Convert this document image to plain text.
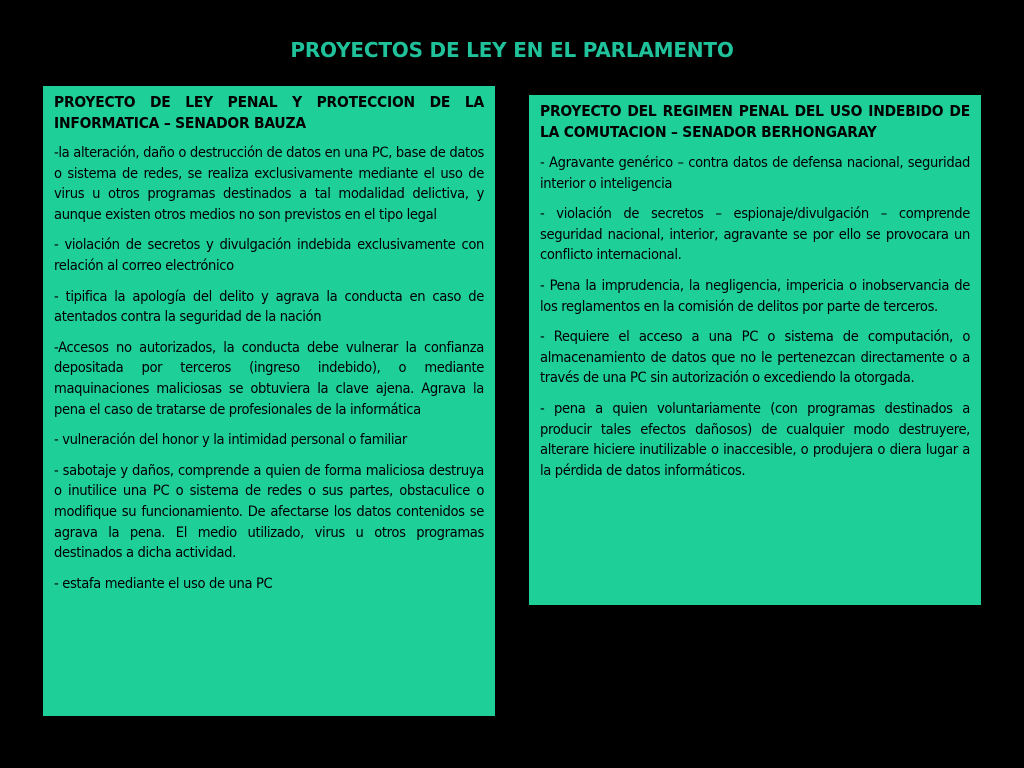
PROYECTOS DE LEY EN EL PARLAMENTO
PROYECTO DE LEY PENAL Y PROTECCION DE LA INFORMATICA – SENADOR BAUZA
-la alteración, daño o destrucción de datos en una PC, base de datos o sistema de redes, se realiza exclusivamente mediante el uso de virus u otros programas destinados a tal modalidad delictiva, y aunque existen otros medios no son previstos en el tipo legal
- violación de secretos y divulgación indebida exclusivamente con relación al correo electrónico
- tipifica la apología del delito y agrava la conducta en caso de atentados contra la seguridad de la nación
-Accesos no autorizados, la conducta debe vulnerar la confianza depositada por terceros (ingreso indebido), o mediante maquinaciones maliciosas se obtuviera la clave ajena. Agrava la pena el caso de tratarse de profesionales de la informática
- vulneración del honor y la intimidad personal o familiar
- sabotaje y daños, comprende a quien de forma maliciosa destruya o inutilice una PC o sistema de redes o sus partes, obstaculice o modifique su funcionamiento. De afectarse los datos contenidos se agrava la pena. El medio utilizado, virus u otros programas destinados a dicha actividad.
- estafa mediante el uso de una PC
PROYECTO DEL REGIMEN PENAL DEL USO INDEBIDO DE LA COMUTACION – SENADOR BERHONGARAY
- Agravante genérico – contra datos de defensa nacional, seguridad interior o inteligencia
- violación de secretos – espionaje/divulgación – comprende seguridad nacional, interior, agravante se por ello se provocara un conflicto internacional.
- Pena la imprudencia, la negligencia, impericia o inobservancia de los reglamentos en la comisión de delitos por parte de terceros.
- Requiere el acceso a una PC o sistema de computación, o almacenamiento de datos que no le pertenezcan directamente o a través de una PC sin autorización o excediendo la otorgada.
- pena a quien voluntariamente (con programas destinados a producir tales efectos dañosos) de cualquier modo destruyere, alterare hiciere inutilizable o inaccesible, o produjera o diera lugar a la pérdida de datos informáticos.
